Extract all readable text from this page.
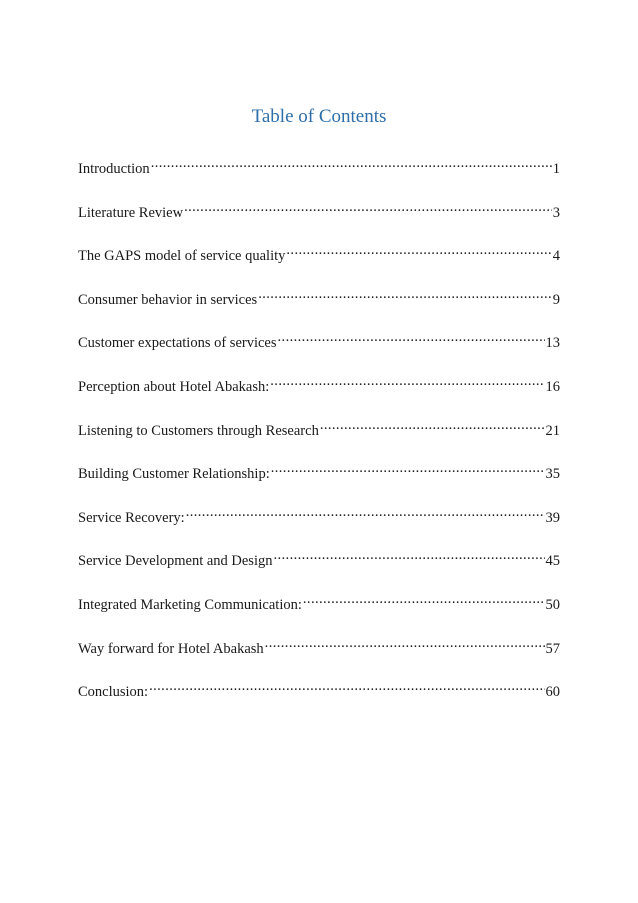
Table of Contents
Introduction .....	1
Literature Review .....	3
The GAPS model of service quality .....	4
Consumer behavior in services .....	9
Customer expectations of services .....	13
Perception about Hotel Abakash: .....	16
Listening to Customers through Research .....	21
Building Customer Relationship: .....	35
Service Recovery: .....	39
Service Development and Design .....	45
Integrated Marketing Communication: .....	50
Way forward for Hotel Abakash .....	57
Conclusion: .....	60
